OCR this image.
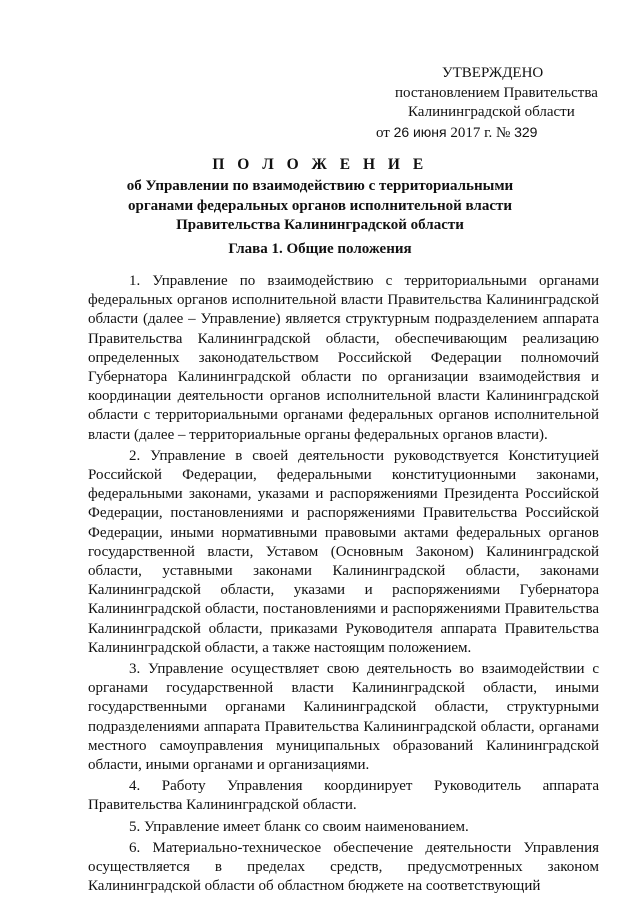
УТВЕРЖДЕНО
постановлением Правительства
Калининградской области
от 26 июня 2017 г. № 329
П О Л О Ж Е Н И Е
об Управлении по взаимодействию с территориальными органами федеральных органов исполнительной власти Правительства Калининградской области
Глава 1. Общие положения

1. Управление по взаимодействию с территориальными органами федеральных органов исполнительной власти Правительства Калининградской области (далее – Управление) является структурным подразделением аппарата Правительства Калининградской области, обеспечивающим реализацию определенных законодательством Российской Федерации полномочий Губернатора Калининградской области по организации взаимодействия и координации деятельности органов исполнительной власти Калининградской области с территориальными органами федеральных органов исполнительной власти (далее – территориальные органы федеральных органов власти).

2. Управление в своей деятельности руководствуется Конституцией Российской Федерации, федеральными конституционными законами, федеральными законами, указами и распоряжениями Президента Российской Федерации, постановлениями и распоряжениями Правительства Российской Федерации, иными нормативными правовыми актами федеральных органов государственной власти, Уставом (Основным Законом) Калининградской области, уставными законами Калининградской области, законами Калининградской области, указами и распоряжениями Губернатора Калининградской области, постановлениями и распоряжениями Правительства Калининградской области, приказами Руководителя аппарата Правительства Калининградской области, а также настоящим положением.

3. Управление осуществляет свою деятельность во взаимодействии с органами государственной власти Калининградской области, иными государственными органами Калининградской области, структурными подразделениями аппарата Правительства Калининградской области, органами местного самоуправления муниципальных образований Калининградской области, иными органами и организациями.

4. Работу Управления координирует Руководитель аппарата Правительства Калининградской области.

5. Управление имеет бланк со своим наименованием.

6. Материально-техническое обеспечение деятельности Управления осуществляется в пределах средств, предусмотренных законом Калининградской области об областном бюджете на соответствующий
